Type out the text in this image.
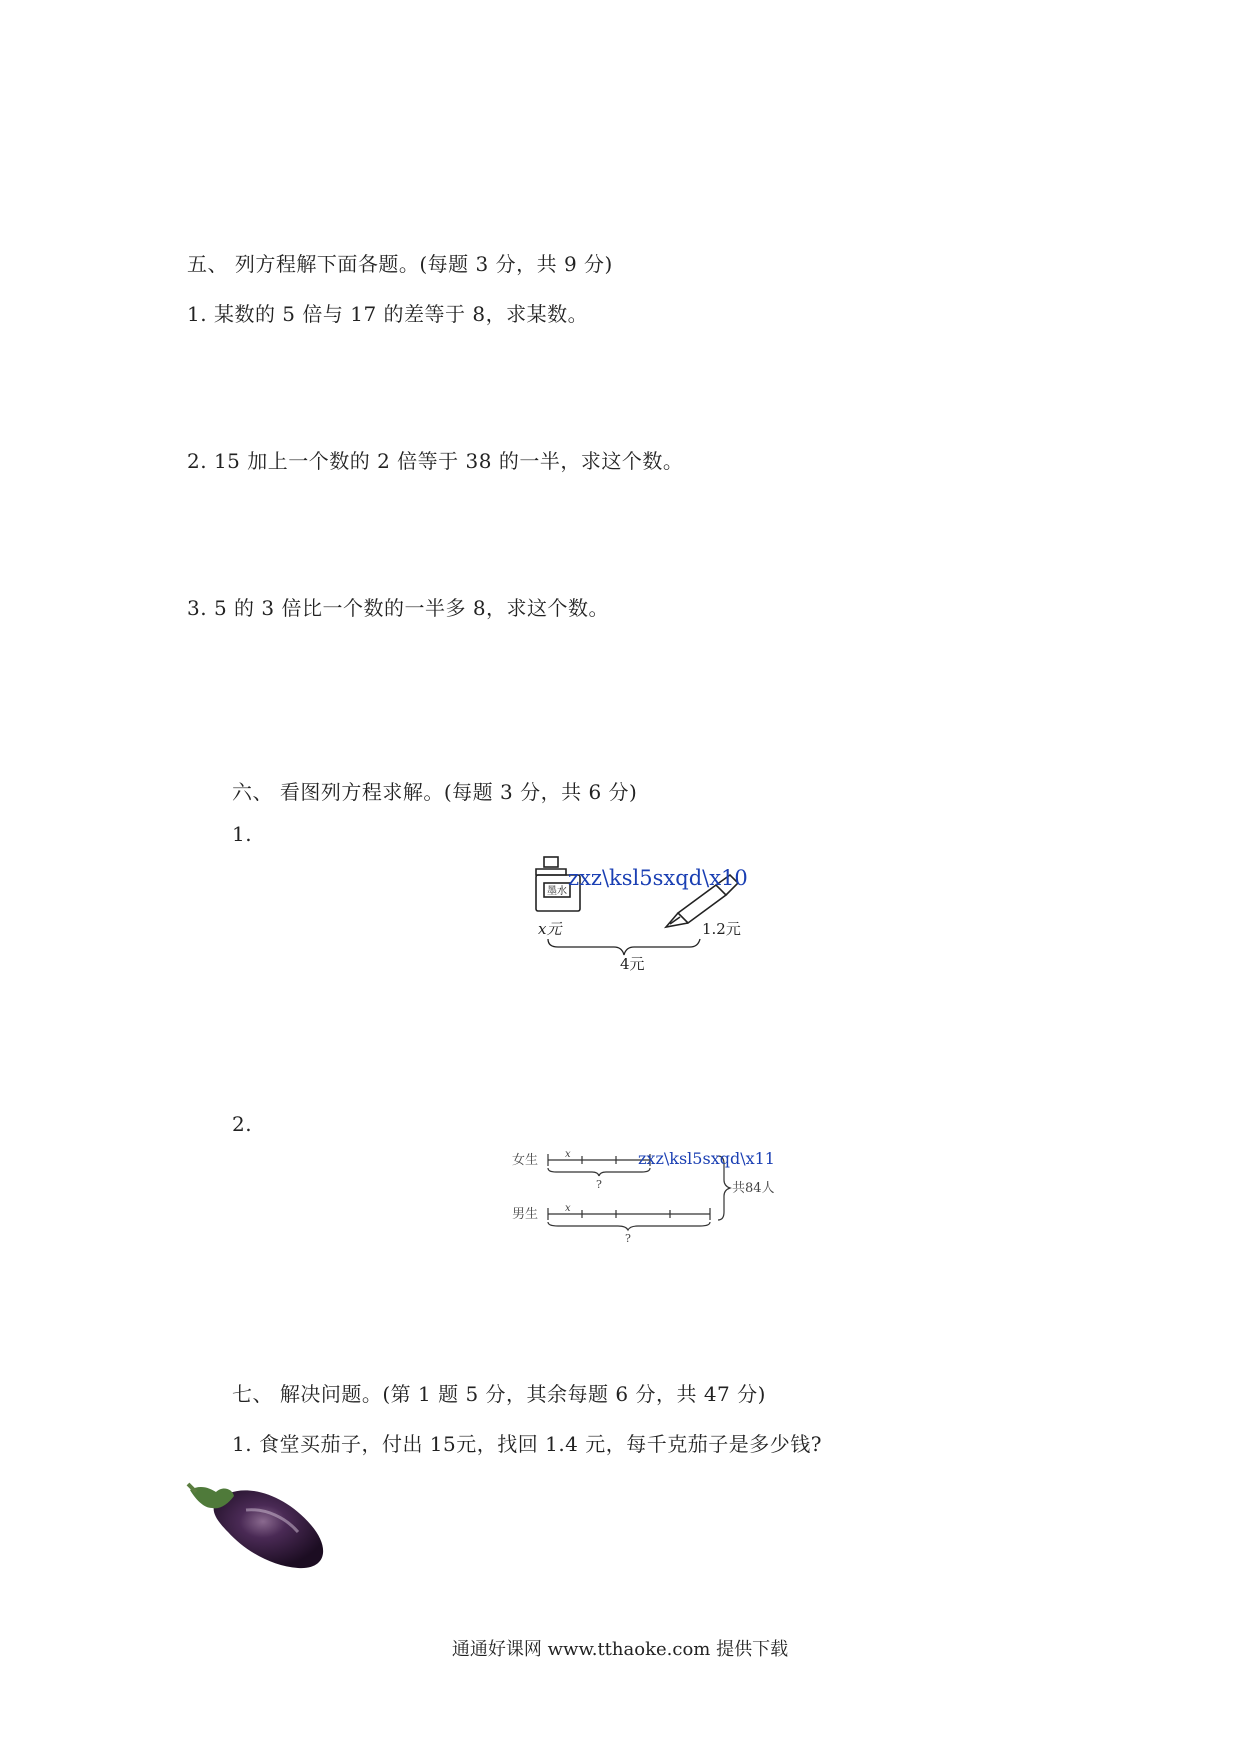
五、 列方程解下面各题。(每题 3 分，共 9 分)
1. 某数的 5 倍与 17 的差等于 8，求某数。
2. 15 加上一个数的 2 倍等于 38 的一半，求这个数。
3. 5 的 3 倍比一个数的一半多 8，求这个数。
六、 看图列方程求解。(每题 3 分，共 6 分)
1.
墨水
zxz\ksl5sxqd\x10
x元	1.2元
4元
2.
女生
男生
x
?
x
?
共84人
zxz\ksl5sxqd\x11
七、 解决问题。(第 1 题 5 分，其余每题 6 分，共 47 分)
1. 食堂买茄子，付出 15元，找回 1.4 元，每千克茄子是多少钱?
通通好课网 www.tthaoke.com 提供下载
